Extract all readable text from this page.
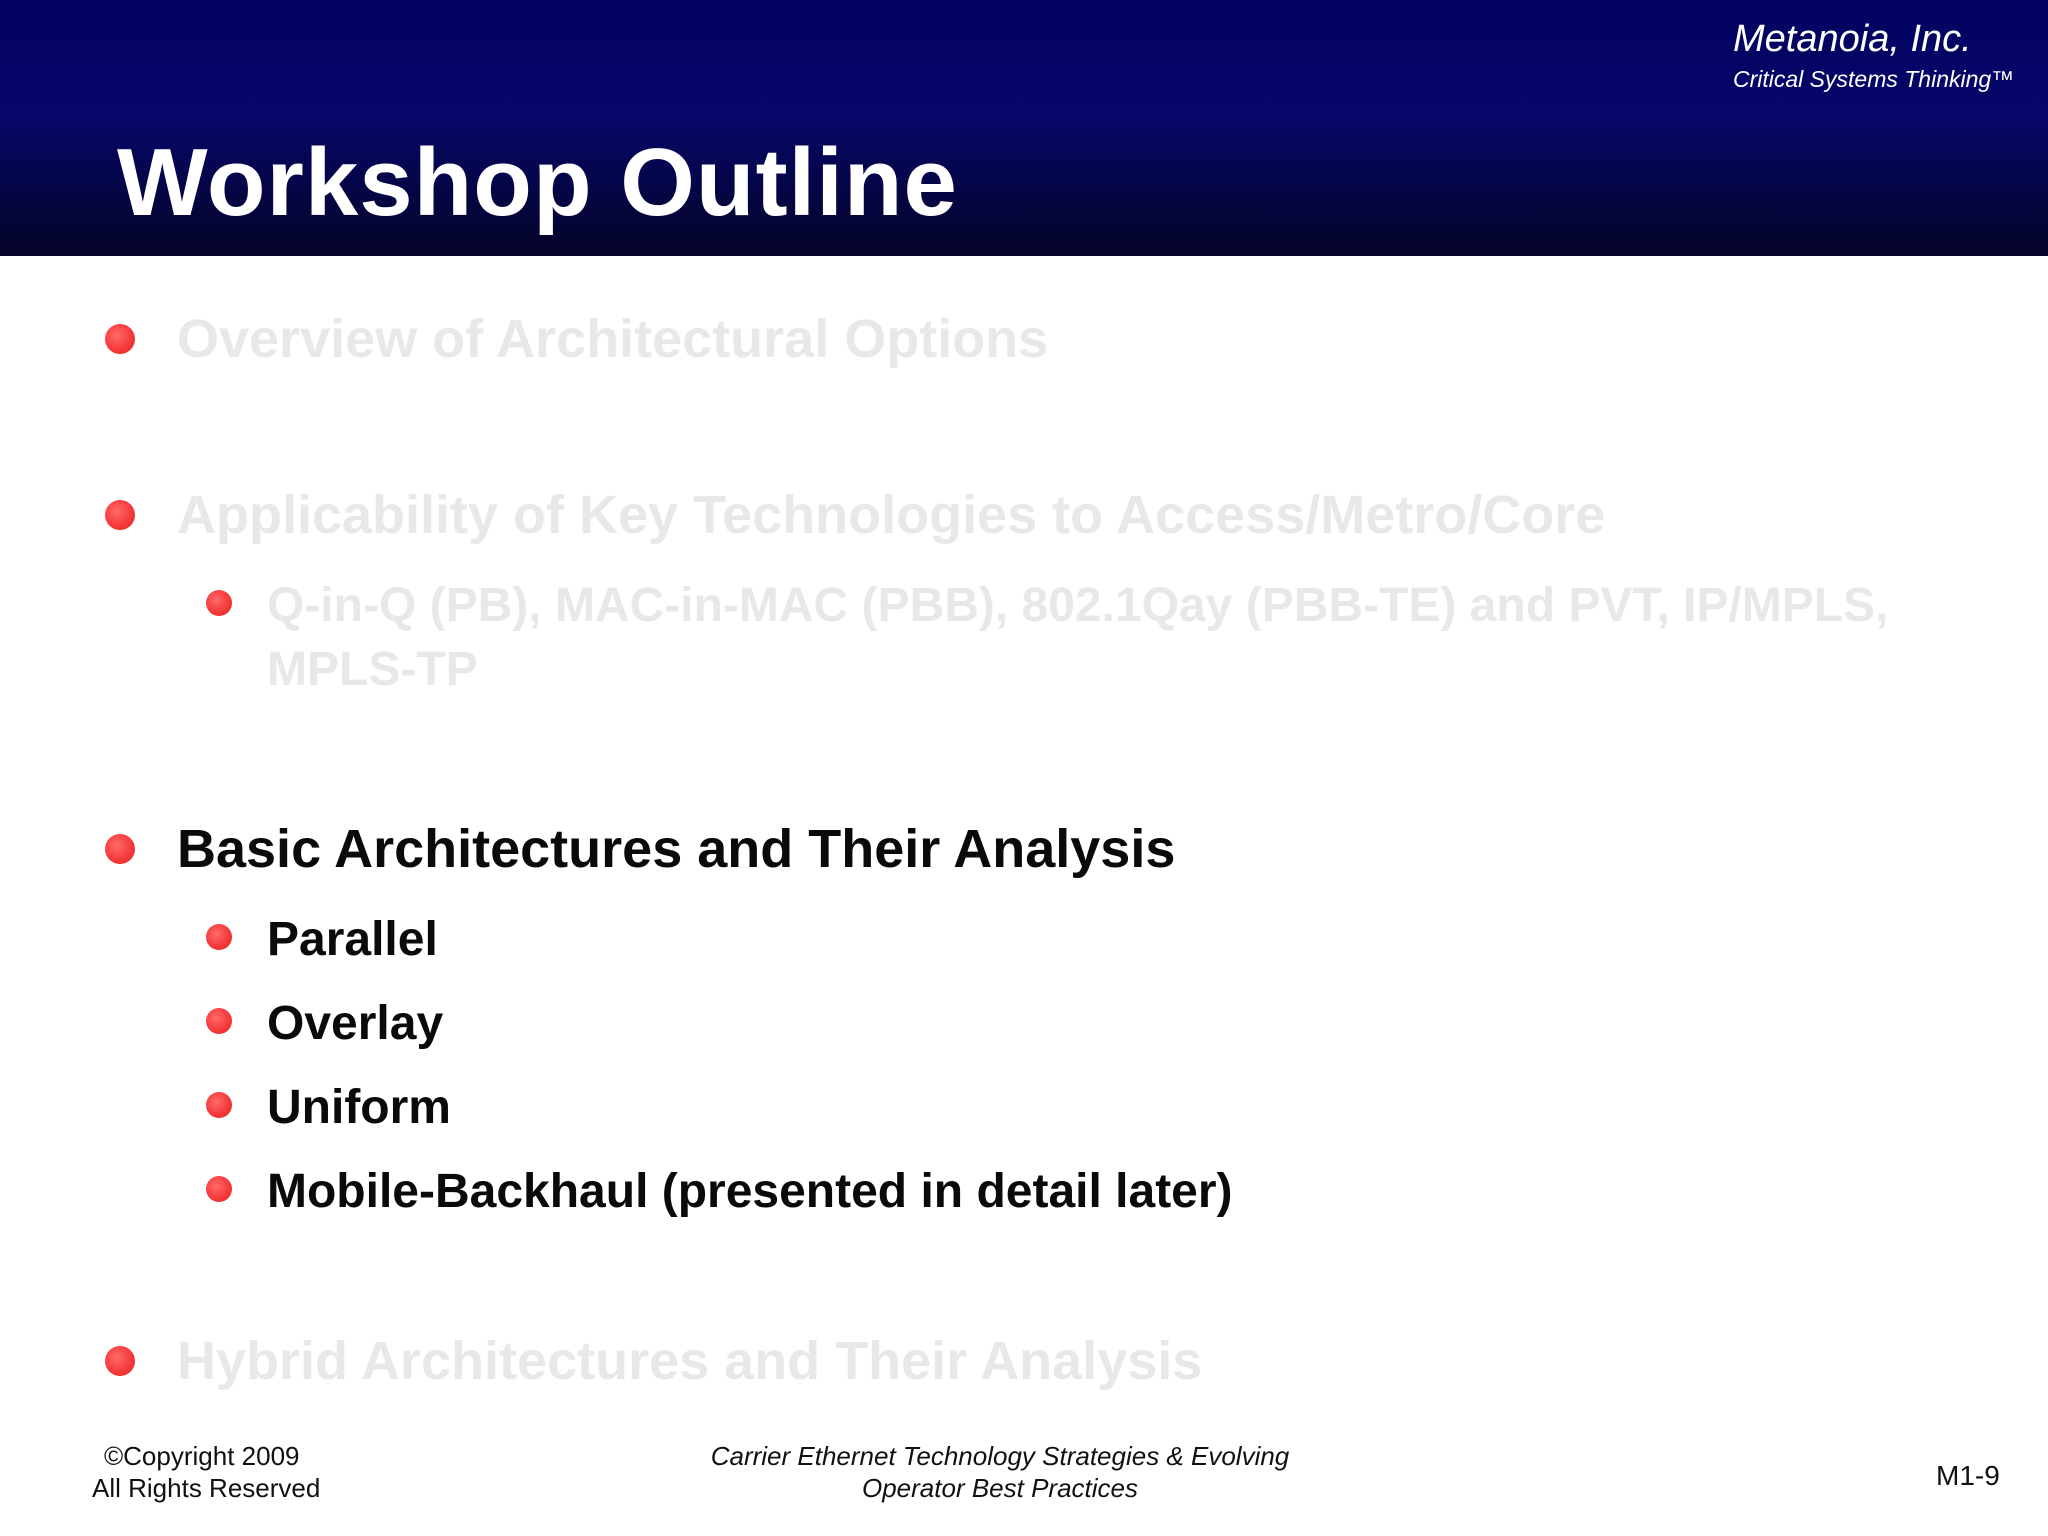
Metanoia, Inc.
Critical Systems Thinking™
Workshop Outline
Overview of Architectural Options
Applicability of Key Technologies to Access/Metro/Core
Q-in-Q (PB), MAC-in-MAC (PBB), 802.1Qay (PBB-TE) and PVT, IP/MPLS,
MPLS-TP
Basic Architectures and Their Analysis
Parallel
Overlay
Uniform
Mobile-Backhaul (presented in detail later)
Hybrid Architectures and Their Analysis
©Copyright 2009
All Rights Reserved
Carrier Ethernet Technology Strategies & Evolving
Operator Best Practices	M1-9
